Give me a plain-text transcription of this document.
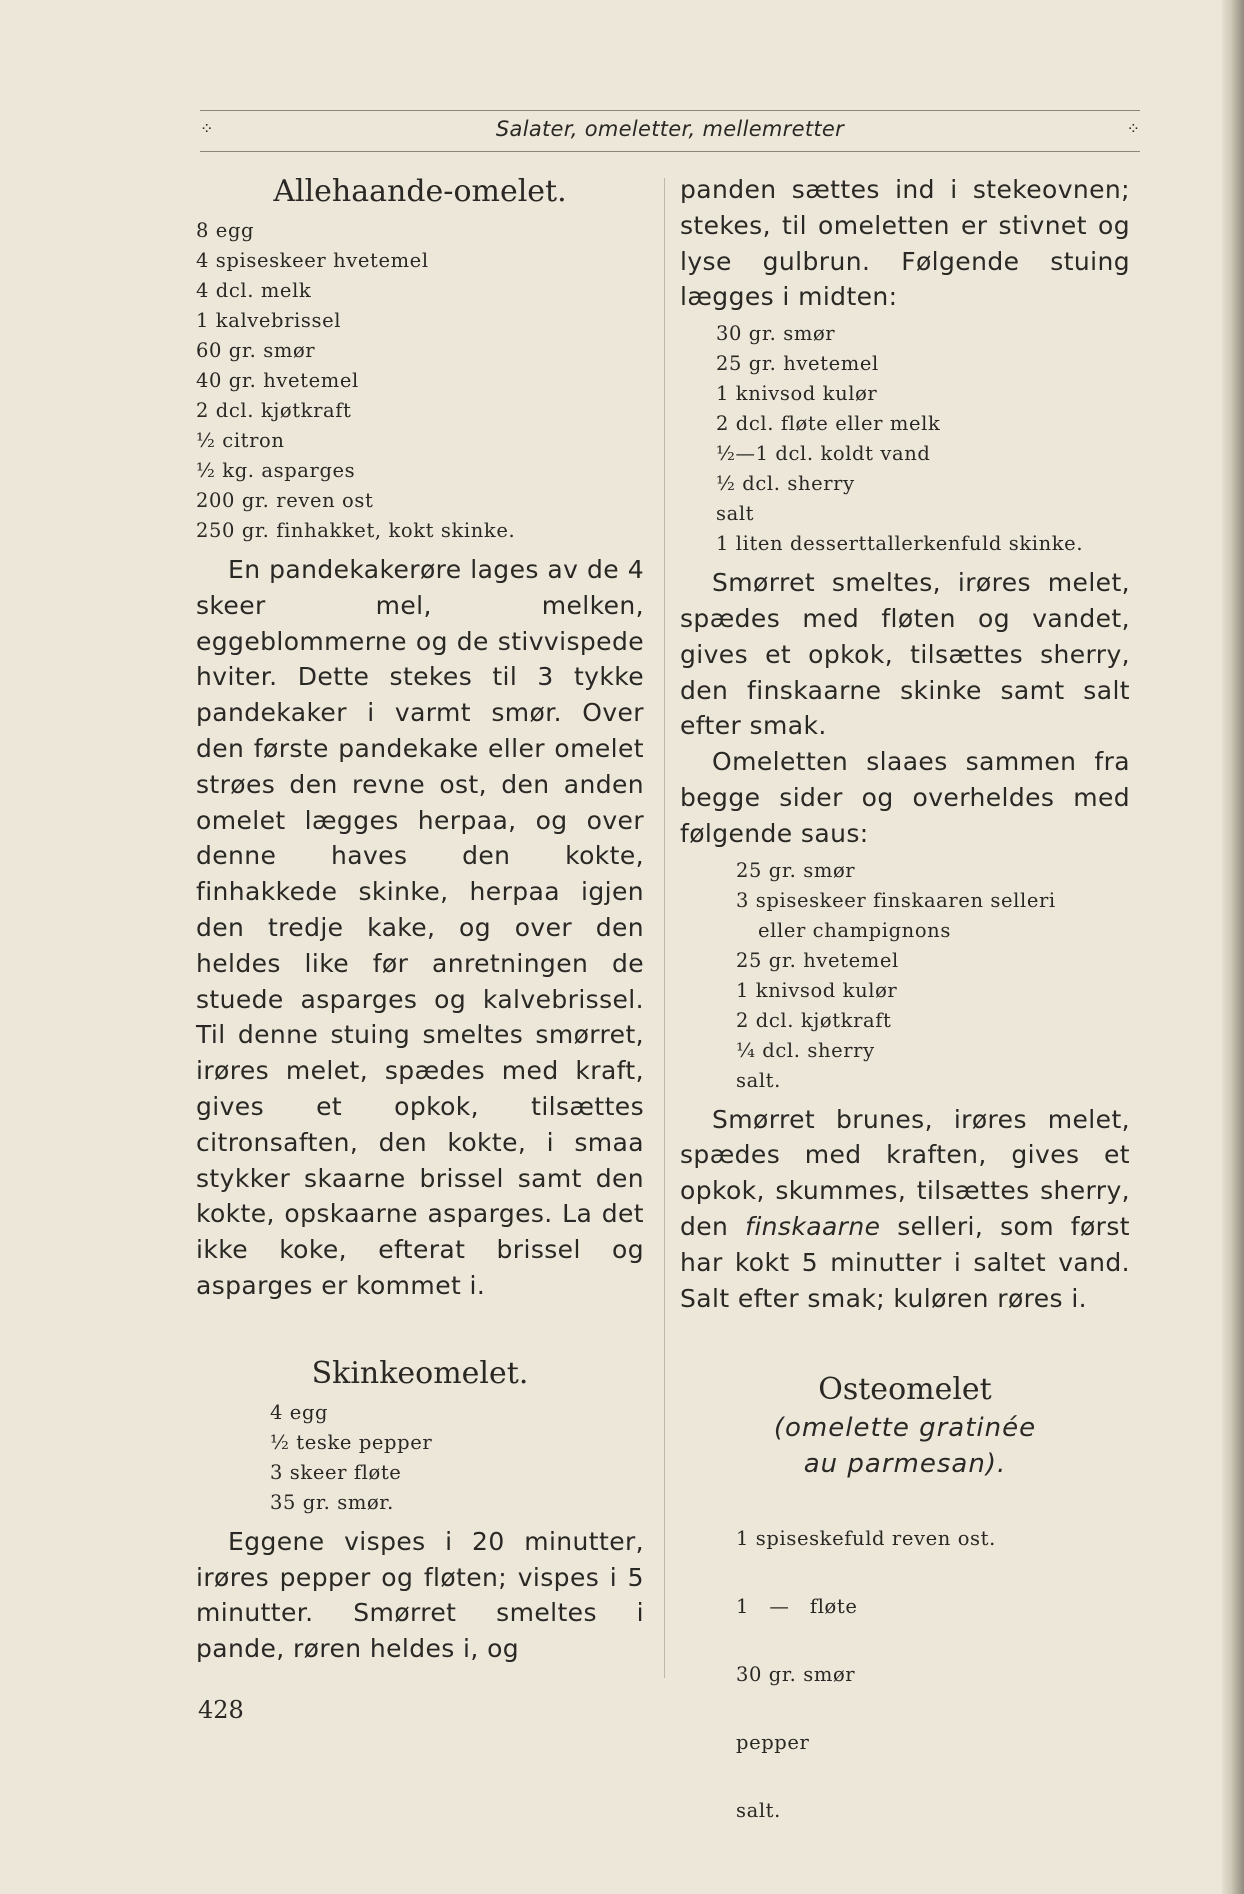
⁘	Salater, omeletter, mellemretter	⁘
Allehaande-omelet.
8 egg
4 spiseskeer hvetemel
4 dcl. melk
1 kalvebrissel
60 gr. smør
40 gr. hvetemel
2 dcl. kjøtkraft
½ citron
½ kg. asparges
200 gr. reven ost
250 gr. finhakket, kokt skinke.

En pandekakerøre lages av de 4 skeer mel, melken, eggeblommerne og de stivvispede hviter. Dette stekes til 3 tykke pandekaker i varmt smør. Over den første pandekake eller omelet strøes den revne ost, den anden omelet lægges herpaa, og over denne haves den kokte, finhakkede skinke, herpaa igjen den tredje kake, og over den heldes like før anretningen de stuede asparges og kalvebrissel. Til denne stuing smeltes smørret, irøres melet, spædes med kraft, gives et opkok, tilsættes citronsaften, den kokte, i smaa stykker skaarne brissel samt den kokte, opskaarne asparges. La det ikke koke, efterat brissel og asparges er kommet i.

Skinkeomelet.
4 egg
½ teske pepper
3 skeer fløte
35 gr. smør.

Eggene vispes i 20 minutter, irøres pepper og fløten; vispes i 5 minutter. Smørret smeltes i pande, røren heldes i, og

428

panden sættes ind i stekeovnen; stekes, til omeletten er stivnet og lyse gulbrun. Følgende stuing lægges i midten:

30 gr. smør
25 gr. hvetemel
1 knivsod kulør
2 dcl. fløte eller melk
½—1 dcl. koldt vand
½ dcl. sherry
salt
1 liten desserttallerkenfuld skinke.

Smørret smeltes, irøres melet, spædes med fløten og vandet, gives et opkok, tilsættes sherry, den finskaarne skinke samt salt efter smak.

Omeletten slaaes sammen fra begge sider og overheldes med følgende saus:

25 gr. smør
3 spiseskeer finskaaren selleri
eller champignons
25 gr. hvetemel
1 knivsod kulør
2 dcl. kjøtkraft
¼ dcl. sherry
salt.

Smørret brunes, irøres melet, spædes med kraften, gives et opkok, skummes, tilsættes sherry, den finskaarne selleri, som først har kokt 5 minutter i saltet vand. Salt efter smak; kuløren røres i.

Osteomelet
(omelette gratinée
au parmesan).

1 spiseskefuld reven ost.

1   —   fløte

30 gr. smør

pepper

salt.
